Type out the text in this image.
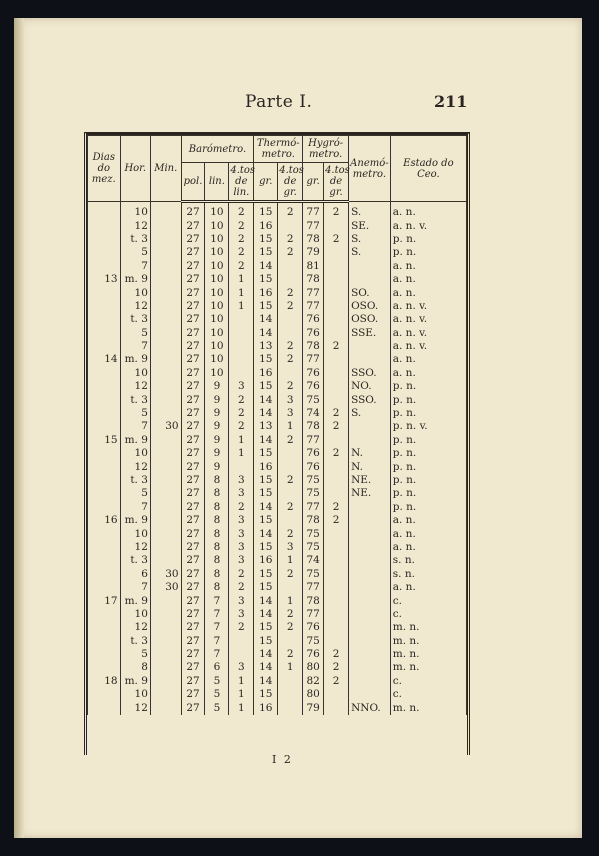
Parte I.	211
Dias do mez.	Hor.	Min.	Barómetro.			Thermó-metro.		Hygró-metro.		Anemó-metro.	Estado do Ceo.
			pol.	lin.	4.tos de lin.	gr.	4.tos de gr.	gr.	4.tos de gr.		
	10		27	10	2	15	2	77	2	S.	a. n.
	12		27	10	2	16		77		SE.	a. n. v.
	t. 3		27	10	2	15	2	78	2	S.	p. n.
	5		27	10	2	15	2	79		S.	p. n.
	7		27	10	2	14		81			a. n.
13	m. 9		27	10	1	15		78			a. n.
	10		27	10	1	16	2	77		SO.	a. n.
	12		27	10	1	15	2	77		OSO.	a. n. v.
	t. 3		27	10		14		76		OSO.	a. n. v.
	5		27	10		14		76		SSE.	a. n. v.
	7		27	10		13	2	78	2		a. n. v.
14	m. 9		27	10		15	2	77			a. n.
	10		27	10		16		76		SSO.	a. n.
	12		27	9	3	15	2	76		NO.	p. n.
	t. 3		27	9	2	14	3	75		SSO.	p. n.
	5		27	9	2	14	3	74	2	S.	p. n.
	7	30	27	9	2	13	1	78	2		p. n. v.
15	m. 9		27	9	1	14	2	77			p. n.
	10		27	9	1	15		76	2	N.	p. n.
	12		27	9		16		76		N.	p. n.
	t. 3		27	8	3	15	2	75		NE.	p. n.
	5		27	8	3	15		75		NE.	p. n.
	7		27	8	2	14	2	77	2		p. n.
16	m. 9		27	8	3	15		78	2		a. n.
	10		27	8	3	14	2	75			a. n.
	12		27	8	3	15	3	75			a. n.
	t. 3		27	8	3	16	1	74			s. n.
	6	30	27	8	2	15	2	75			s. n.
	7	30	27	8	2	15		77			a. n.
17	m. 9		27	7	3	14	1	78			c.
	10		27	7	3	14	2	77			c.
	12		27	7	2	15	2	76			m. n.
	t. 3		27	7		15		75			m. n.
	5		27	7		14	2	76	2		m. n.
	8		27	6	3	14	1	80	2		m. n.
18	m. 9		27	5	1	14		82	2		c.
	10		27	5	1	15		80			c.
	12		27	5	1	16		79		NNO.	m. n.
I 2
